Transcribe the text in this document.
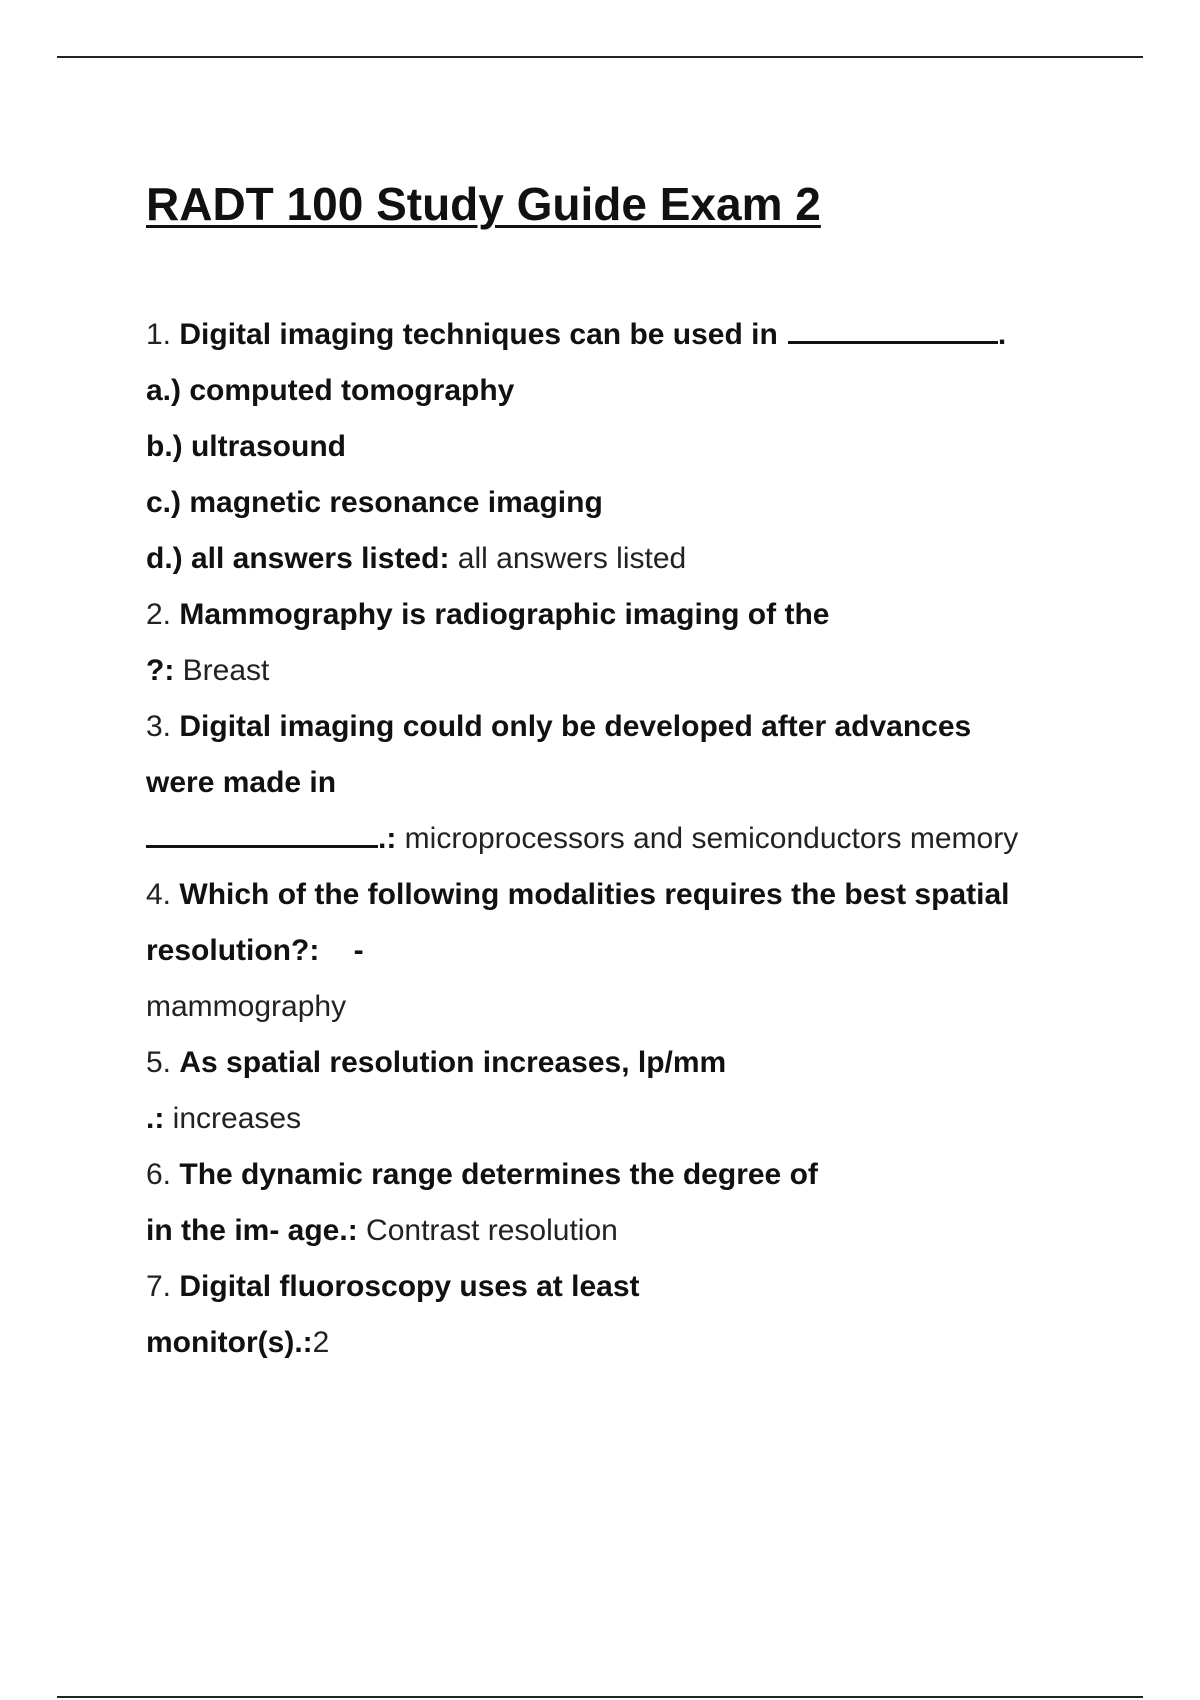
RADT 100 Study Guide Exam 2
1. Digital imaging techniques can be used in	.
a.) computed tomography
b.) ultrasound
c.) magnetic resonance imaging
d.) all answers listed: all answers listed
2. Mammography is radiographic imaging of the
?: Breast
3. Digital imaging could only be developed after advances
were made in
.: microprocessors and semiconductors memory
4. Which of the following modalities requires the best spatial
resolution?: -
mammography
5. As spatial resolution increases, lp/mm
.: increases
6. The dynamic range determines the degree of
in the im- age.: Contrast resolution
7. Digital fluoroscopy uses at least
monitor(s).:2
